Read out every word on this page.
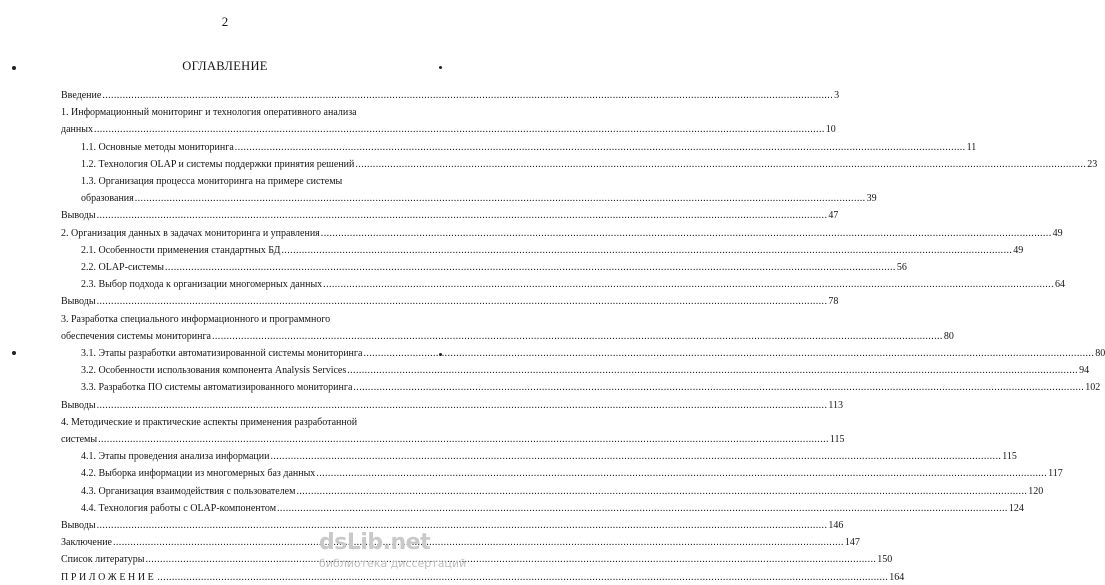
2
ОГЛАВЛЕНИЕ
Введение .....	3
1. Информационный мониторинг и технология оперативного анализа
данных .....	10
1.1. Основные методы мониторинга .....	11
1.2. Технология OLAP и системы поддержки принятия решений .....	23
1.3. Организация процесса мониторинга на примере системы
образования .....	39
Выводы .....	47
2. Организация данных в задачах мониторинга и управления .....	49
2.1. Особенности применения стандартных БД .....	49
2.2. OLAP-системы .....	56
2.3. Выбор подхода к организации многомерных данных .....	64
Выводы .....	78
3. Разработка специального информационного и программного
обеспечения системы мониторинга .....	80
3.1. Этапы разработки автоматизированной системы мониторинга .....	80
3.2. Особенности использования компонента Analysis Services .....	94
3.3. Разработка ПО системы автоматизированного мониторинга .....	102
Выводы .....	113
4. Методические и практические аспекты применения разработанной
системы .....	115
4.1. Этапы проведения анализа информации .....	115
4.2. Выборка информации из многомерных баз данных .....	117
4.3. Организация взаимодействия с пользователем .....	120
4.4. Технология работы с OLAP-компонентом .....	124
Выводы .....	146
Заключение .....	147
Список литературы .....	150
ПРИЛОЖЕНИЕ .....	164
dsLib.net
библиотека диссертаций
